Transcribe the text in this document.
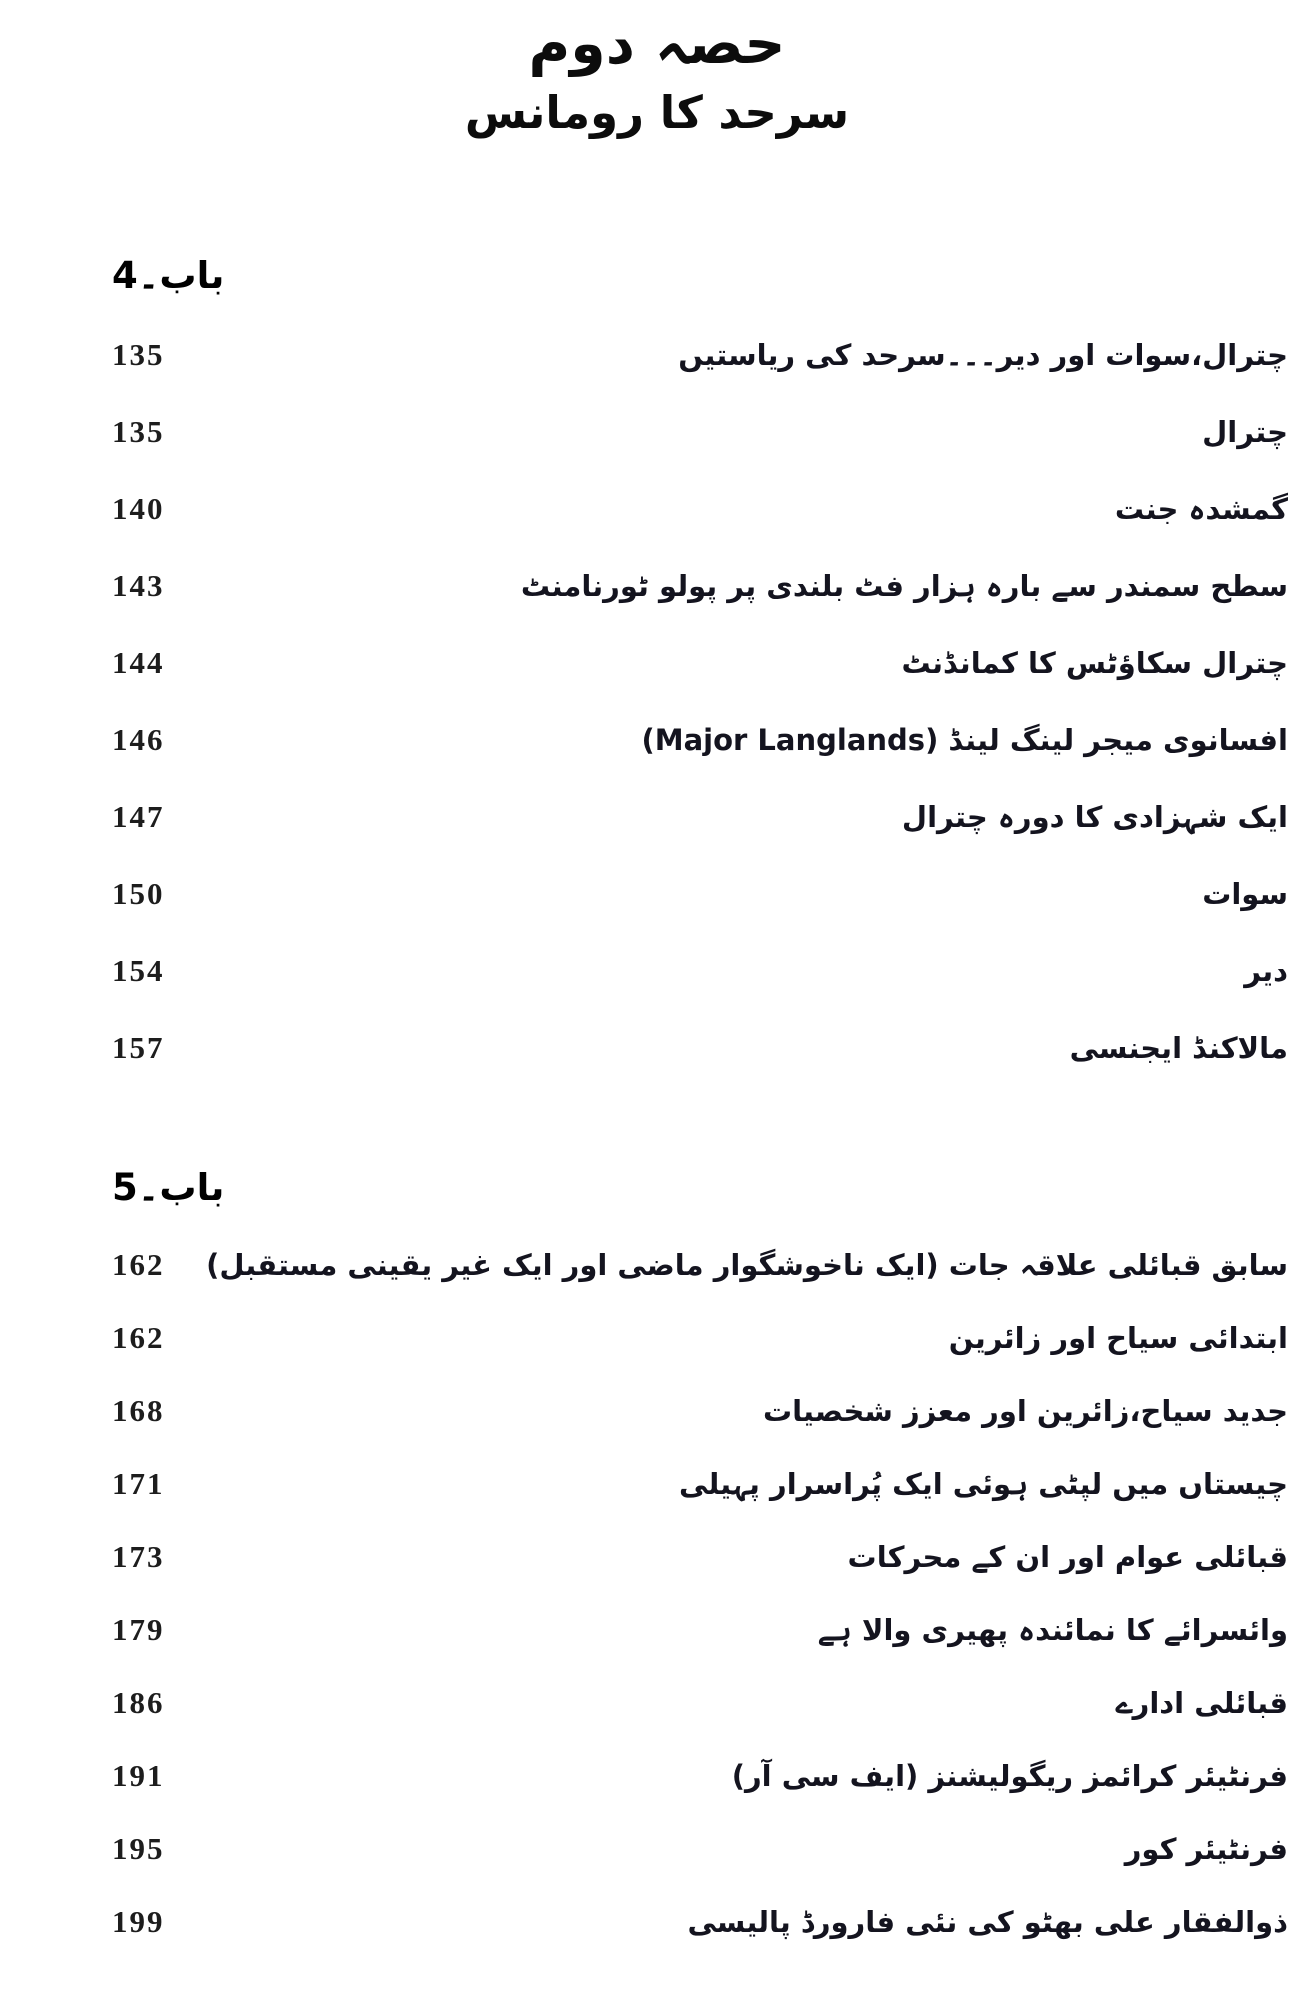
حصہ دوم
سرحد کا رومانس
باب۔4
135	چترال،سوات اور دیر۔۔۔سرحد کی ریاستیں
135	چترال
140	گمشدہ جنت
143	سطح سمندر سے بارہ ہزار فٹ بلندی پر پولو ٹورنامنٹ
144	چترال سکاؤٹس کا کمانڈنٹ
146	افسانوی میجر لینگ لینڈ (Major Langlands)
147	ایک شہزادی کا دورہ چترال
150	سوات
154	دیر
157	مالاکنڈ ایجنسی
باب۔5
162 سابق قبائلی علاقہ جات (ایک ناخوشگوار ماضی اور ایک غیر یقینی مستقبل)
162	ابتدائی سیاح اور زائرین
168	جدید سیاح،زائرین اور معزز شخصیات
171	چیستاں میں لپٹی ہوئی ایک پُراسرار پہیلی
173	قبائلی عوام اور ان کے محرکات
179	وائسرائے کا نمائندہ پھیری والا ہے
186	قبائلی ادارے
191	فرنٹیئر کرائمز ریگولیشنز (ایف سی آر)
195	فرنٹیئر کور
199	ذوالفقار علی بھٹو کی نئی فارورڈ پالیسی
